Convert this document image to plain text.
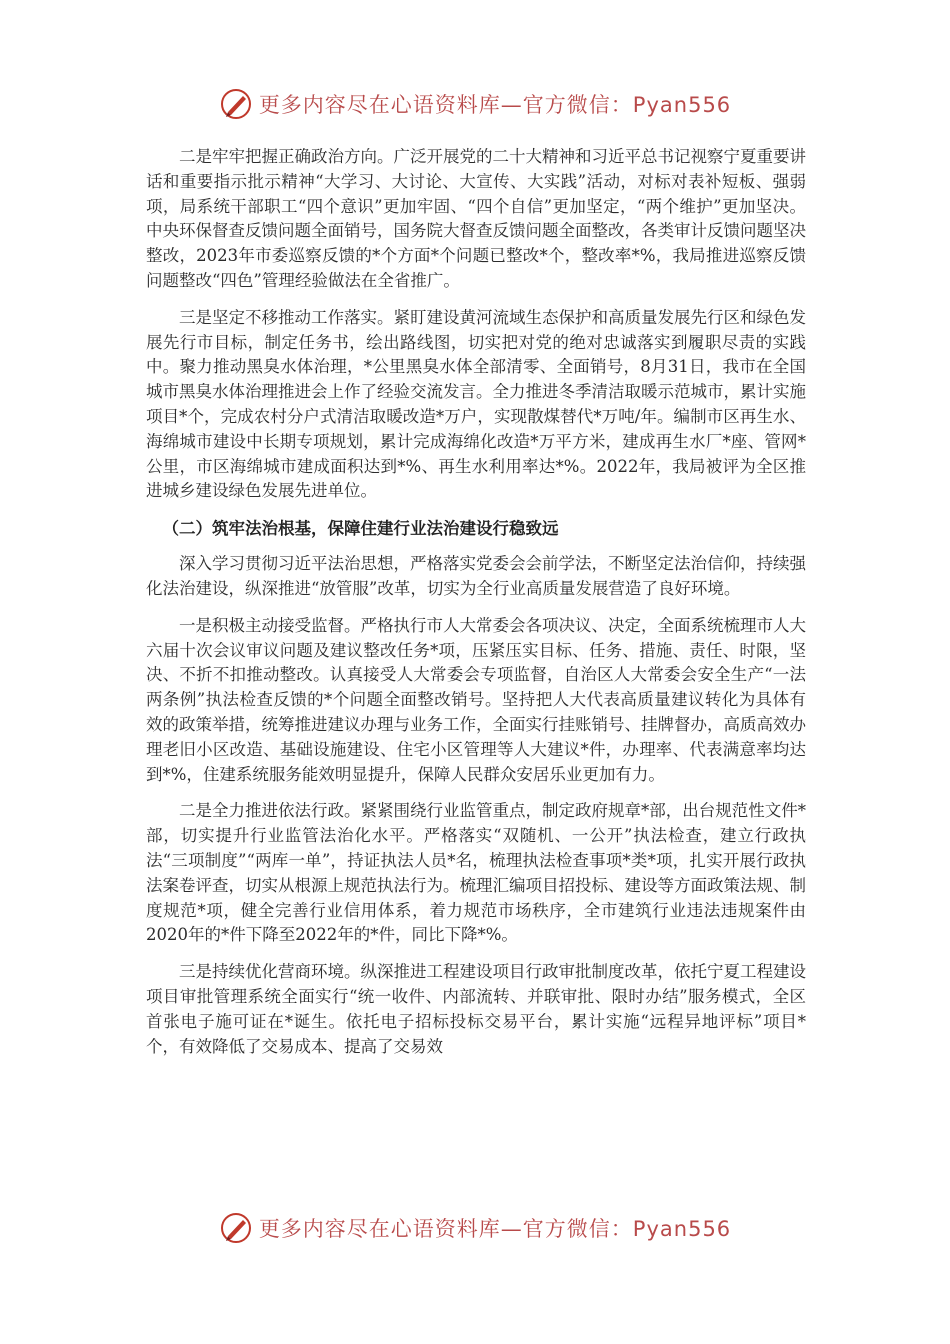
更多内容尽在心语资料库—官方微信：Pyan556

二是牢牢把握正确政治方向。广泛开展党的二十大精神和习近平总书记视察宁夏重要讲话和重要指示批示精神“大学习、大讨论、大宣传、大实践”活动，对标对表补短板、强弱项，局系统干部职工“四个意识”更加牢固、“四个自信”更加坚定，“两个维护”更加坚决。中央环保督查反馈问题全面销号，国务院大督查反馈问题全面整改，各类审计反馈问题坚决整改，2023年市委巡察反馈的*个方面*个问题已整改*个，整改率*%，我局推进巡察反馈问题整改“四色”管理经验做法在全省推广。

三是坚定不移推动工作落实。紧盯建设黄河流域生态保护和高质量发展先行区和绿色发展先行市目标，制定任务书，绘出路线图，切实把对党的绝对忠诚落实到履职尽责的实践中。聚力推动黑臭水体治理，*公里黑臭水体全部清零、全面销号，8月31日，我市在全国城市黑臭水体治理推进会上作了经验交流发言。全力推进冬季清洁取暖示范城市，累计实施项目*个，完成农村分户式清洁取暖改造*万户，实现散煤替代*万吨/年。编制市区再生水、海绵城市建设中长期专项规划，累计完成海绵化改造*万平方米，建成再生水厂*座、管网*公里，市区海绵城市建成面积达到*%、再生水利用率达*%。2022年，我局被评为全区推进城乡建设绿色发展先进单位。

（二）筑牢法治根基，保障住建行业法治建设行稳致远

深入学习贯彻习近平法治思想，严格落实党委会会前学法，不断坚定法治信仰，持续强化法治建设，纵深推进“放管服”改革，切实为全行业高质量发展营造了良好环境。

一是积极主动接受监督。严格执行市人大常委会各项决议、决定，全面系统梳理市人大六届十次会议审议问题及建议整改任务*项，压紧压实目标、任务、措施、责任、时限，坚决、不折不扣推动整改。认真接受人大常委会专项监督，自治区人大常委会安全生产“一法两条例”执法检查反馈的*个问题全面整改销号。坚持把人大代表高质量建议转化为具体有效的政策举措，统筹推进建议办理与业务工作，全面实行挂账销号、挂牌督办，高质高效办理老旧小区改造、基础设施建设、住宅小区管理等人大建议*件，办理率、代表满意率均达到*%，住建系统服务能效明显提升，保障人民群众安居乐业更加有力。

二是全力推进依法行政。紧紧围绕行业监管重点，制定政府规章*部，出台规范性文件*部，切实提升行业监管法治化水平。严格落实“双随机、一公开”执法检查，建立行政执法“三项制度”“两库一单”，持证执法人员*名，梳理执法检查事项*类*项，扎实开展行政执法案卷评查，切实从根源上规范执法行为。梳理汇编项目招投标、建设等方面政策法规、制度规范*项，健全完善行业信用体系，着力规范市场秩序，全市建筑行业违法违规案件由2020年的*件下降至2022年的*件，同比下降*%。

三是持续优化营商环境。纵深推进工程建设项目行政审批制度改革，依托宁夏工程建设项目审批管理系统全面实行“统一收件、内部流转、并联审批、限时办结”服务模式，全区首张电子施可证在*诞生。依托电子招标投标交易平台，累计实施“远程异地评标”项目*个，有效降低了交易成本、提高了交易效

更多内容尽在心语资料库—官方微信：Pyan556
